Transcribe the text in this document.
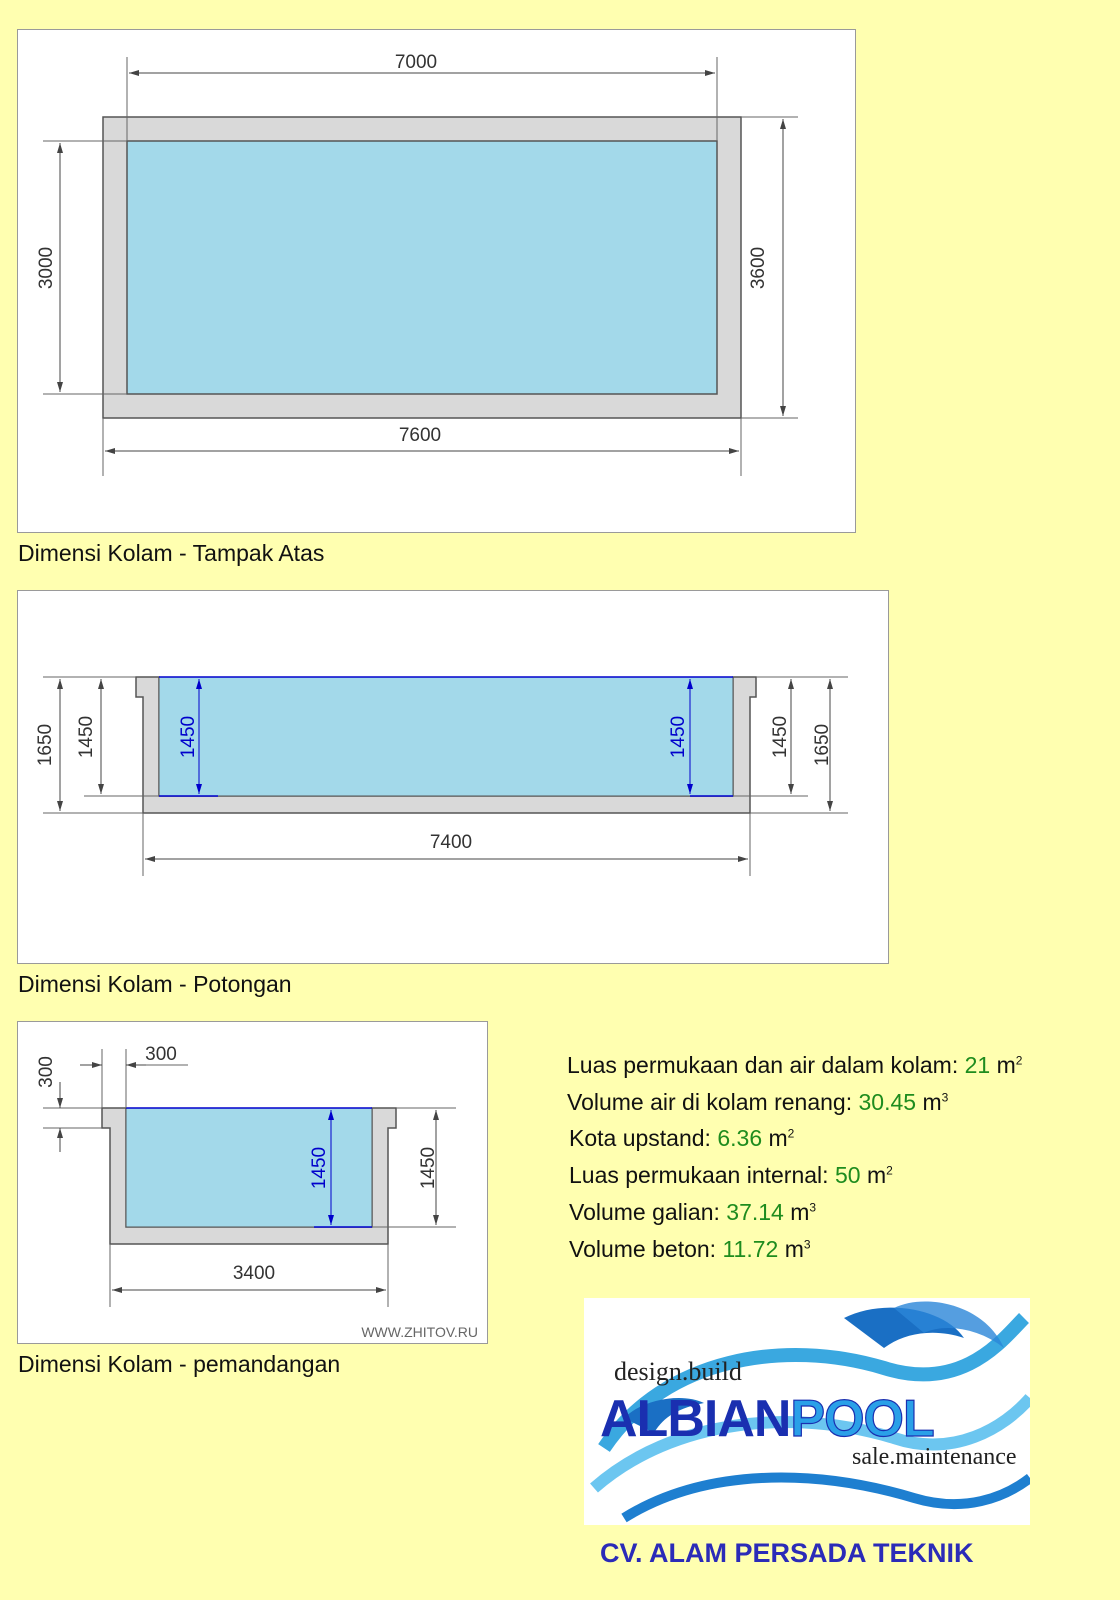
7000
7600
3000	3600
Dimensi Kolam - Tampak Atas
1650 1450	1450	1450	1450 1650
7400
Dimensi Kolam - Potongan
300
300
1450	1450
3400
WWW.ZHITOV.RU
Dimensi Kolam - pemandangan
Luas permukaan dan air dalam kolam: 21 $m^2$
Volume air di kolam renang: 30.45 $m^3$
Kota upstand: 6.36 $m^2$
Luas permukaan internal: 50 $m^2$
Volume galian: 37.14 $m^3$
Volume beton: 11.72 $m^3$
design.build
ALBIANPOOL
sale.maintenance
CV. ALAM PERSADA TEKNIK
